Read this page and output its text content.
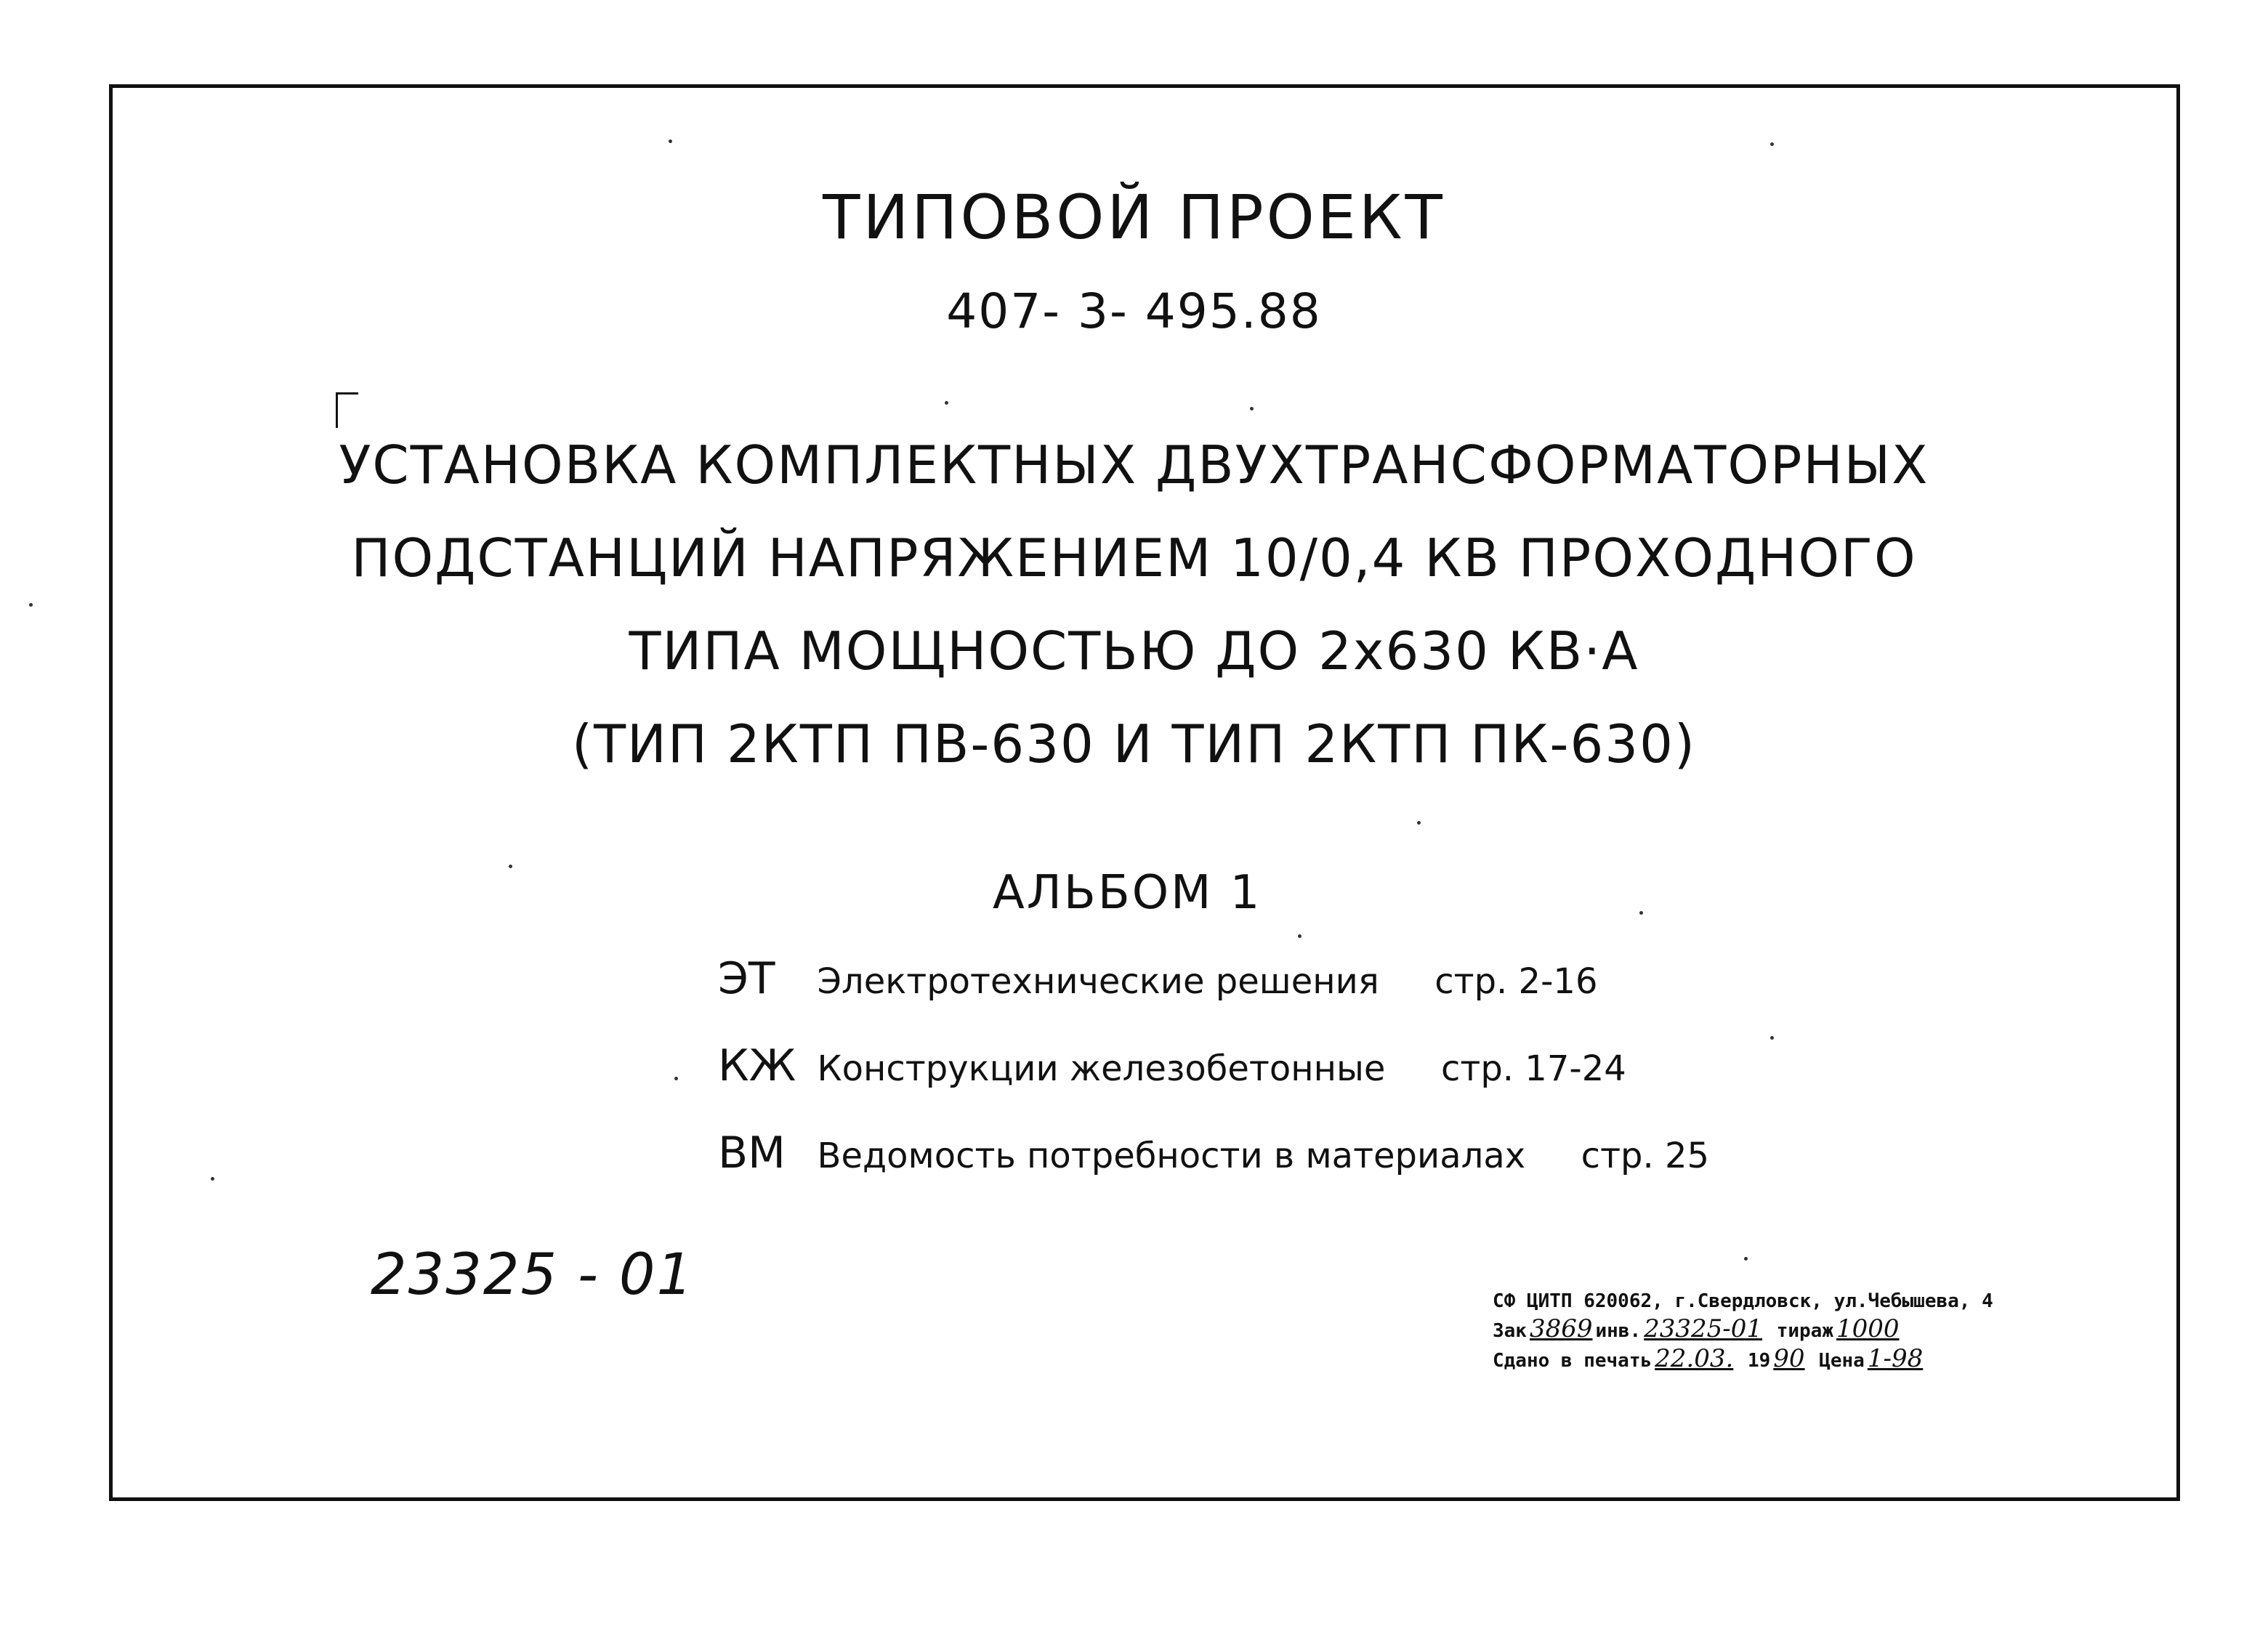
ТИПОВОЙ ПРОЕКТ
407- 3- 495.88
УСТАНОВКА КОМПЛЕКТНЫХ ДВУХТРАНСФОРМАТОРНЫХ
ПОДСТАНЦИЙ НАПРЯЖЕНИЕМ 10/0,4 КВ ПРОХОДНОГО
ТИПА МОЩНОСТЬЮ ДО 2х630 КВ·А
(ТИП 2КТП ПВ-630 И ТИП 2КТП ПК-630)
АЛЬБОМ 1
ЭТ Электротехнические решения стр. 2-16
КЖ Конструкции железобетонные стр. 17-24
ВМ Ведомость потребности в материалах стр. 25
23325 - 01	СФ ЦИТП 620062, г.Свердловск, ул.Чебышева, 4
Зак 3869 инв. 23325-01 тираж 1000
Сдано в печать 22.03. 19 90 Цена 1-98
